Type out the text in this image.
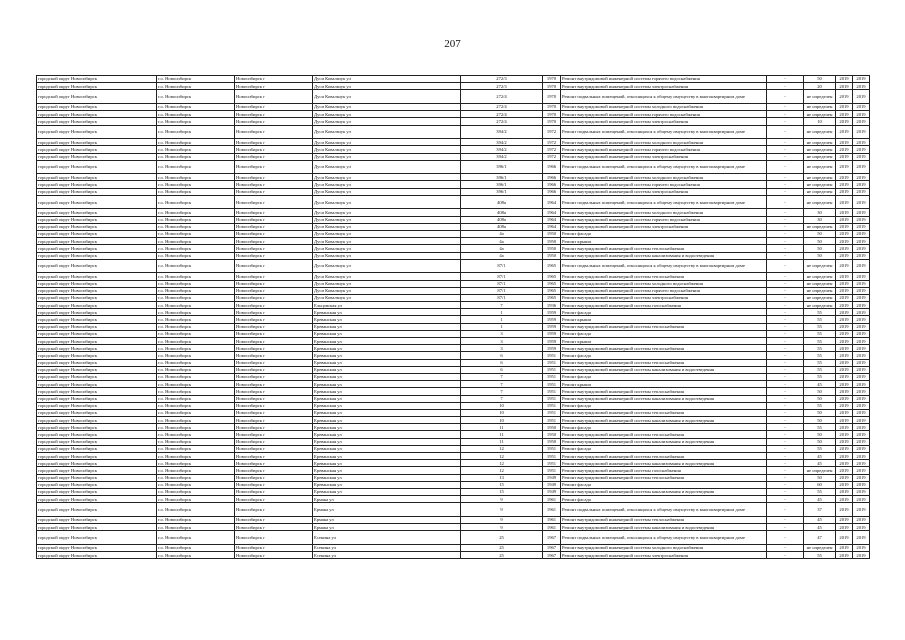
207
городской округ Новосибирск	г.о. Новосибирск	Новосибирск г	Дуси Ковальчук ул	272/3	1970	Ремонт внутридомовой инженерной системы горячего водоснабжения	-	50	2019	2019
городской округ Новосибирск	г.о. Новосибирск	Новосибирск г	Дуси Ковальчук ул	272/3	1970	Ремонт внутридомовой инженерной системы электроснабжения	-	20	2019	2019
городской округ Новосибирск	г.о. Новосибирск	Новосибирск г	Дуси Ковальчук ул	272/4	1970	Ремонт подвальных помещений, относящихся к общему имуществу в многоквартирном доме	-	не определен	2019	2019
городской округ Новосибирск	г.о. Новосибирск	Новосибирск г	Дуси Ковальчук ул	272/4	1970	Ремонт внутридомовой инженерной системы холодного водоснабжения	-	не определен	2019	2019
городской округ Новосибирск	г.о. Новосибирск	Новосибирск г	Дуси Ковальчук ул	272/4	1970	Ремонт внутридомовой инженерной системы горячего водоснабжения	-	не определен	2019	2019
городской округ Новосибирск	г.о. Новосибирск	Новосибирск г	Дуси Ковальчук ул	272/4	1970	Ремонт внутридомовой инженерной системы электроснабжения	-	10	2019	2019
городской округ Новосибирск	г.о. Новосибирск	Новосибирск г	Дуси Ковальчук ул	394/2	1972	Ремонт подвальных помещений, относящихся к общему имуществу в многоквартирном доме	-	не определен	2019	2019
городской округ Новосибирск	г.о. Новосибирск	Новосибирск г	Дуси Ковальчук ул	394/2	1972	Ремонт внутридомовой инженерной системы холодного водоснабжения	-	не определен	2019	2019
городской округ Новосибирск	г.о. Новосибирск	Новосибирск г	Дуси Ковальчук ул	394/2	1972	Ремонт внутридомовой инженерной системы горячего водоснабжения	-	не определен	2019	2019
городской округ Новосибирск	г.о. Новосибирск	Новосибирск г	Дуси Ковальчук ул	394/2	1972	Ремонт внутридомовой инженерной системы электроснабжения	-	не определен	2019	2019
городской округ Новосибирск	г.о. Новосибирск	Новосибирск г	Дуси Ковальчук ул	396/1	1966	Ремонт подвальных помещений, относящихся к общему имуществу в многоквартирном доме	-	не определен	2019	2019
городской округ Новосибирск	г.о. Новосибирск	Новосибирск г	Дуси Ковальчук ул	396/1	1966	Ремонт внутридомовой инженерной системы холодного водоснабжения	-	не определен	2019	2019
городской округ Новосибирск	г.о. Новосибирск	Новосибирск г	Дуси Ковальчук ул	396/1	1966	Ремонт внутридомовой инженерной системы горячего водоснабжения	-	не определен	2019	2019
городской округ Новосибирск	г.о. Новосибирск	Новосибирск г	Дуси Ковальчук ул	396/1	1966	Ремонт внутридомовой инженерной системы электроснабжения	-	не определен	2019	2019
городской округ Новосибирск	г.о. Новосибирск	Новосибирск г	Дуси Ковальчук ул	408а	1964	Ремонт подвальных помещений, относящихся к общему имуществу в многоквартирном доме	-	не определен	2019	2019
городской округ Новосибирск	г.о. Новосибирск	Новосибирск г	Дуси Ковальчук ул	408а	1964	Ремонт внутридомовой инженерной системы холодного водоснабжения	-	30	2019	2019
городской округ Новосибирск	г.о. Новосибирск	Новосибирск г	Дуси Ковальчук ул	408а	1964	Ремонт внутридомовой инженерной системы горячего водоснабжения	-	30	2019	2019
городской округ Новосибирск	г.о. Новосибирск	Новосибирск г	Дуси Ковальчук ул	408а	1964	Ремонт внутридомовой инженерной системы электроснабжения	-	не определен	2019	2019
городской округ Новосибирск	г.о. Новосибирск	Новосибирск г	Дуси Ковальчук ул	4а	1950	Ремонт фасада	-	50	2019	2019
городской округ Новосибирск	г.о. Новосибирск	Новосибирск г	Дуси Ковальчук ул	4а	1950	Ремонт крыши	-	50	2019	2019
городской округ Новосибирск	г.о. Новосибирск	Новосибирск г	Дуси Ковальчук ул	4а	1950	Ремонт внутридомовой инженерной системы теплоснабжения	-	50	2019	2019
городской округ Новосибирск	г.о. Новосибирск	Новосибирск г	Дуси Ковальчук ул	4а	1950	Ремонт внутридомовой инженерной системы канализования и водоотведения	-	50	2019	2019
городской округ Новосибирск	г.о. Новосибирск	Новосибирск г	Дуси Ковальчук ул	87/1	1965	Ремонт подвальных помещений, относящихся к общему имуществу в многоквартирном доме	-	не определен	2019	2019
городской округ Новосибирск	г.о. Новосибирск	Новосибирск г	Дуси Ковальчук ул	87/1	1965	Ремонт внутридомовой инженерной системы теплоснабжения	-	не определен	2019	2019
городской округ Новосибирск	г.о. Новосибирск	Новосибирск г	Дуси Ковальчук ул	87/1	1965	Ремонт внутридомовой инженерной системы холодного водоснабжения	-	не определен	2019	2019
городской округ Новосибирск	г.о. Новосибирск	Новосибирск г	Дуси Ковальчук ул	87/1	1965	Ремонт внутридомовой инженерной системы горячего водоснабжения	-	не определен	2019	2019
городской округ Новосибирск	г.о. Новосибирск	Новосибирск г	Дуси Ковальчук ул	87/1	1965	Ремонт внутридомовой инженерной системы электроснабжения	-	не определен	2019	2019
городской округ Новосибирск	г.о. Новосибирск	Новосибирск г	Ельцовская ул	7	1936	Ремонт внутридомовой инженерной системы газоснабжения	-	не определен	2019	2019
городской округ Новосибирск	г.о. Новосибирск	Новосибирск г	Ереванская ул	1	1959	Ремонт фасада	-	55	2019	2019
городской округ Новосибирск	г.о. Новосибирск	Новосибирск г	Ереванская ул	1	1959	Ремонт крыши	-	55	2019	2019
городской округ Новосибирск	г.о. Новосибирск	Новосибирск г	Ереванская ул	1	1959	Ремонт внутридомовой инженерной системы теплоснабжения	-	55	2019	2019
городской округ Новосибирск	г.о. Новосибирск	Новосибирск г	Ереванская ул	3	1959	Ремонт фасада	-	55	2019	2019
городской округ Новосибирск	г.о. Новосибирск	Новосибирск г	Ереванская ул	3	1959	Ремонт крыши	-	55	2019	2019
городской округ Новосибирск	г.о. Новосибирск	Новосибирск г	Ереванская ул	3	1959	Ремонт внутридомовой инженерной системы теплоснабжения	-	55	2019	2019
городской округ Новосибирск	г.о. Новосибирск	Новосибирск г	Ереванская ул	6	1951	Ремонт фасада	-	55	2019	2019
городской округ Новосибирск	г.о. Новосибирск	Новосибирск г	Ереванская ул	6	1951	Ремонт внутридомовой инженерной системы теплоснабжения	-	55	2019	2019
городской округ Новосибирск	г.о. Новосибирск	Новосибирск г	Ереванская ул	6	1951	Ремонт внутридомовой инженерной системы канализования и водоотведения	-	55	2019	2019
городской округ Новосибирск	г.о. Новосибирск	Новосибирск г	Ереванская ул	7	1951	Ремонт фасада	-	55	2019	2019
городской округ Новосибирск	г.о. Новосибирск	Новосибирск г	Ереванская ул	7	1951	Ремонт крыши	-	45	2019	2019
городской округ Новосибирск	г.о. Новосибирск	Новосибирск г	Ереванская ул	7	1951	Ремонт внутридомовой инженерной системы теплоснабжения	-	50	2019	2019
городской округ Новосибирск	г.о. Новосибирск	Новосибирск г	Ереванская ул	7	1951	Ремонт внутридомовой инженерной системы канализования и водоотведения	-	50	2019	2019
городской округ Новосибирск	г.о. Новосибирск	Новосибирск г	Ереванская ул	10	1951	Ремонт фасада	-	55	2019	2019
городской округ Новосибирск	г.о. Новосибирск	Новосибирск г	Ереванская ул	10	1951	Ремонт внутридомовой инженерной системы теплоснабжения	-	50	2019	2019
городской округ Новосибирск	г.о. Новосибирск	Новосибирск г	Ереванская ул	10	1951	Ремонт внутридомовой инженерной системы канализования и водоотведения	-	50	2019	2019
городской округ Новосибирск	г.о. Новосибирск	Новосибирск г	Ереванская ул	11	1950	Ремонт фасада	-	55	2019	2019
городской округ Новосибирск	г.о. Новосибирск	Новосибирск г	Ереванская ул	11	1950	Ремонт внутридомовой инженерной системы теплоснабжения	-	50	2019	2019
городской округ Новосибирск	г.о. Новосибирск	Новосибирск г	Ереванская ул	11	1950	Ремонт внутридомовой инженерной системы канализования и водоотведения	-	50	2019	2019
городской округ Новосибирск	г.о. Новосибирск	Новосибирск г	Ереванская ул	12	1951	Ремонт фасада	-	55	2019	2019
городской округ Новосибирск	г.о. Новосибирск	Новосибирск г	Ереванская ул	12	1951	Ремонт внутридомовой инженерной системы теплоснабжения	-	45	2019	2019
городской округ Новосибирск	г.о. Новосибирск	Новосибирск г	Ереванская ул	12	1951	Ремонт внутридомовой инженерной системы канализования и водоотведения	-	45	2019	2019
городской округ Новосибирск	г.о. Новосибирск	Новосибирск г	Ереванская ул	12	1951	Ремонт внутридомовой инженерной системы газоснабжения	-	не определен	2019	2019
городской округ Новосибирск	г.о. Новосибирск	Новосибирск г	Ереванская ул	13	1949	Ремонт внутридомовой инженерной системы теплоснабжения	-	50	2019	2019
городской округ Новосибирск	г.о. Новосибирск	Новосибирск г	Ереванская ул	15	1949	Ремонт фасада	-	60	2019	2019
городской округ Новосибирск	г.о. Новосибирск	Новосибирск г	Ереванская ул	15	1949	Ремонт внутридомовой инженерной системы канализования и водоотведения	-	55	2019	2019
городской округ Новосибирск	г.о. Новосибирск	Новосибирск г	Ермака ул	9	1961	Ремонт фасада	-	45	2019	2019
городской округ Новосибирск	г.о. Новосибирск	Новосибирск г	Ермака ул	9	1961	Ремонт подвальных помещений, относящихся к общему имуществу в многоквартирном доме	-	37	2019	2019
городской округ Новосибирск	г.о. Новосибирск	Новосибирск г	Ермака ул	9	1961	Ремонт внутридомовой инженерной системы теплоснабжения	-	45	2019	2019
городской округ Новосибирск	г.о. Новосибирск	Новосибирск г	Ермака ул	9	1961	Ремонт внутридомовой инженерной системы канализования и водоотведения	-	45	2019	2019
городской округ Новосибирск	г.о. Новосибирск	Новосибирск г	Есенина ул	25	1967	Ремонт подвальных помещений, относящихся к общему имуществу в многоквартирном доме	-	47	2019	2019
городской округ Новосибирск	г.о. Новосибирск	Новосибирск г	Есенина ул	25	1967	Ремонт внутридомовой инженерной системы холодного водоснабжения	-	не определен	2019	2019
городской округ Новосибирск	г.о. Новосибирск	Новосибирск г	Есенина ул	25	1967	Ремонт внутридомовой инженерной системы электроснабжения	-	55	2019	2019
